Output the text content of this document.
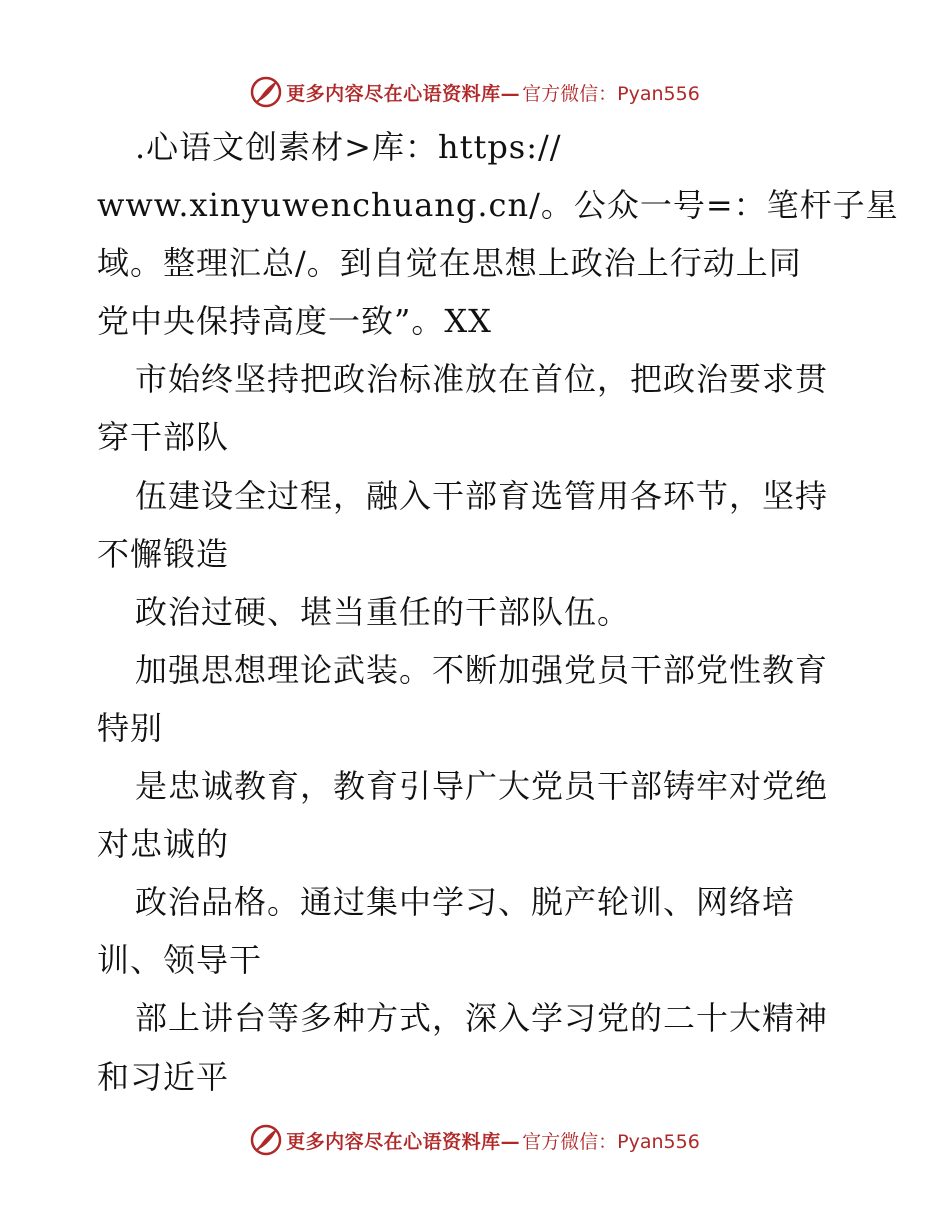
更多内容尽在心语资料库— 官方微信：Pyan556
.心语文创素材>库：https://
www.xinyuwenchuang.cn/。公众一号=：笔杆子星
域。整理汇总/。到自觉在思想上政治上行动上同
党中央保持高度一致”。XX
市始终坚持把政治标准放在首位，把政治要求贯
穿干部队
伍建设全过程，融入干部育选管用各环节，坚持
不懈锻造
政治过硬、堪当重任的干部队伍。
加强思想理论武装。不断加强党员干部党性教育
特别
是忠诚教育，教育引导广大党员干部铸牢对党绝
对忠诚的
政治品格。通过集中学习、脱产轮训、网络培
训、领导干
部上讲台等多种方式，深入学习党的二十大精神
和习近平
更多内容尽在心语资料库— 官方微信：Pyan556
